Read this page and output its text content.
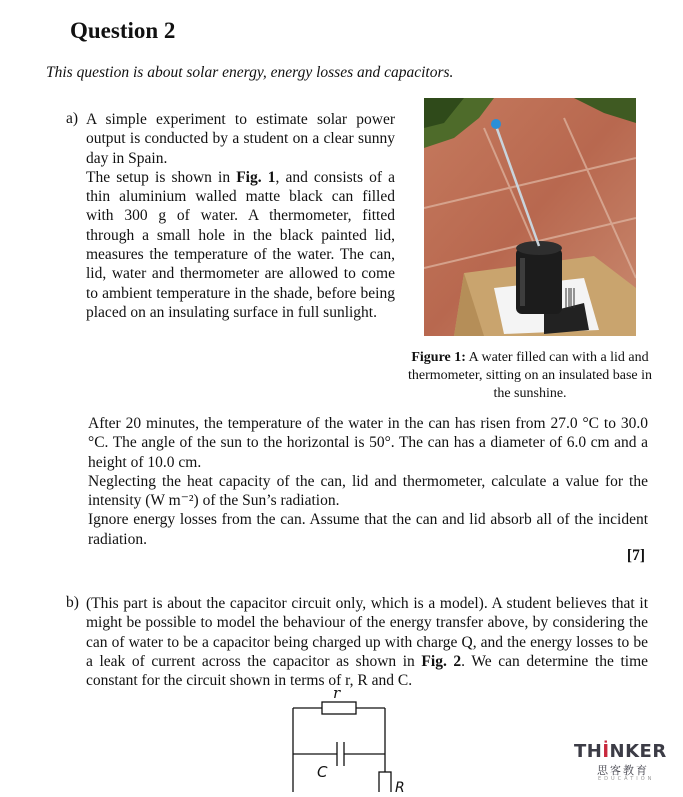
Question 2
This question is about solar energy, energy losses and capacitors.
a) A simple experiment to estimate solar power output is conducted by a student on a clear sunny day in Spain.

The setup is shown in Fig. 1, and consists of a thin aluminium walled matte black can filled with 300 g of water. A thermometer, fitted through a small hole in the black painted lid, measures the temperature of the water. The can, lid, water and thermometer are allowed to come to ambient temperature in the shade, before being placed on an insulating surface in full sunlight.

Figure 1: A water filled can with a lid and thermometer, sitting on an insulated base in the sunshine.

After 20 minutes, the temperature of the water in the can has risen from 27.0 °C to 30.0 °C. The angle of the sun to the horizontal is 50°. The can has a diameter of 6.0 cm and a height of 10.0 cm.

Neglecting the heat capacity of the can, lid and thermometer, calculate a value for the intensity (W m⁻²) of the Sun’s radiation.

Ignore energy losses from the can. Assume that the can and lid absorb all of the incident radiation.

[7]
b) (This part is about the capacitor circuit only, which is a model). A student believes that it might be possible to model the behaviour of the energy transfer above, by considering the can of water to be a capacitor being charged up with charge Q, and the energy losses to be a leak of current across the capacitor as shown in Fig. 2. We can determine the time constant for the circuit shown in terms of r, R and C.

r
C
R
THİNKER
思客教育
EDUCATION
